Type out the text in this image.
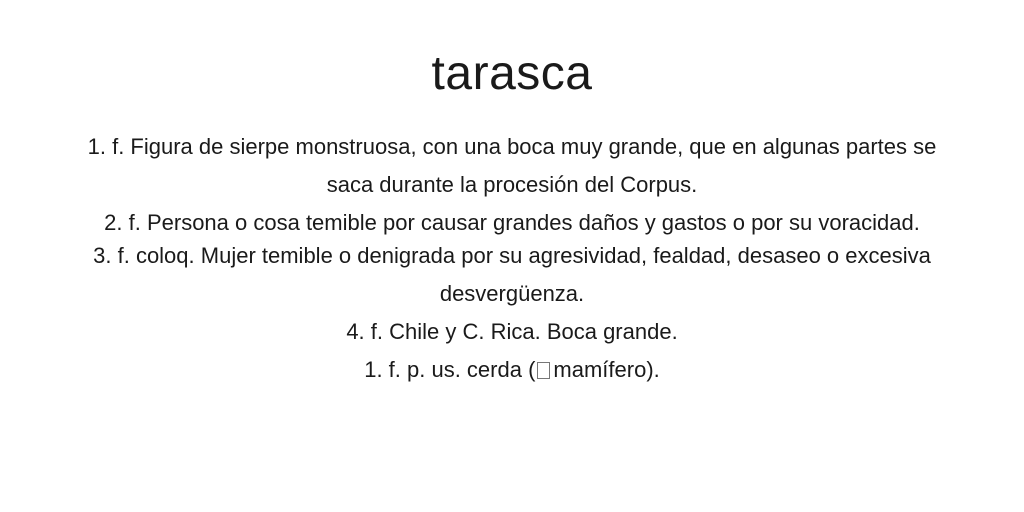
tarasca

1. f. Figura de sierpe monstruosa, con una boca muy grande, que en algunas partes se saca durante la procesión del Corpus.

2. f. Persona o cosa temible por causar grandes daños y gastos o por su voracidad.

3. f. coloq. Mujer temible o denigrada por su agresividad, fealdad, desaseo o excesiva desvergüenza.

4. f. Chile y C. Rica. Boca grande.

1. f. p. us. cerda ( mamífero).
